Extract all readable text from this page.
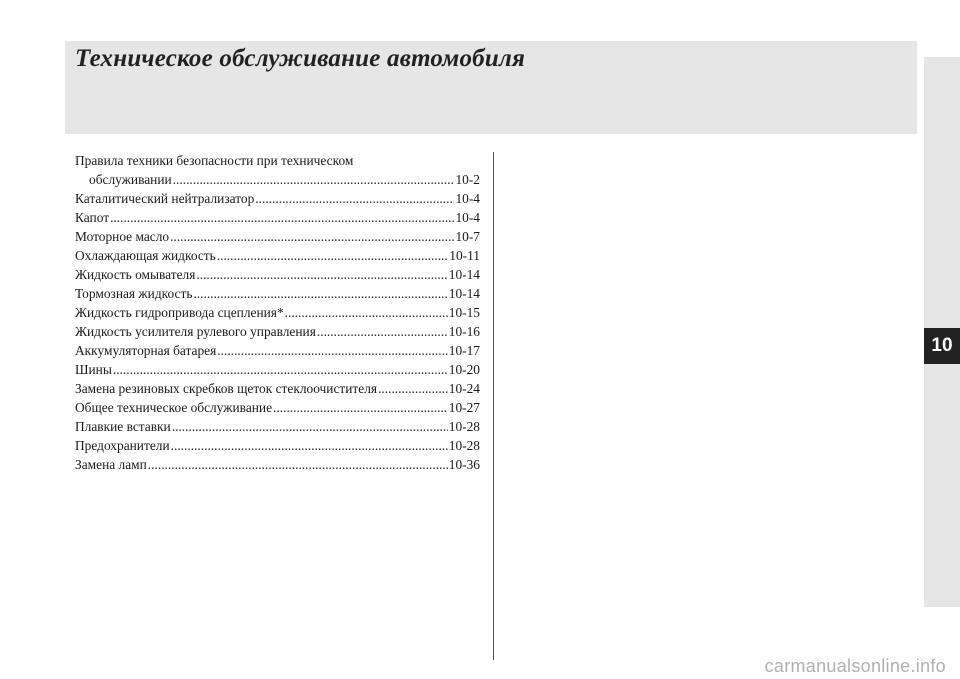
Техническое обслуживание автомобиля
10
Правила техники безопасности при техническом
обслуживании .....	10-2
Каталитический нейтрализатор .....	10-4
Капот .....	10-4
Моторное масло .....	10-7
Охлаждающая жидкость .....	10-11
Жидкость омывателя .....	10-14
Тормозная жидкость .....	10-14
Жидкость гидропривода сцепления* .....	10-15
Жидкость усилителя рулевого управления .....	10-16
Аккумуляторная батарея .....	10-17
Шины .....	10-20
Замена резиновых скребков щеток стеклоочистителя .....	10-24
Общее техническое обслуживание .....	10-27
Плавкие вставки .....	10-28
Предохранители .....	10-28
Замена ламп .....	10-36
carmanualsonline.info
